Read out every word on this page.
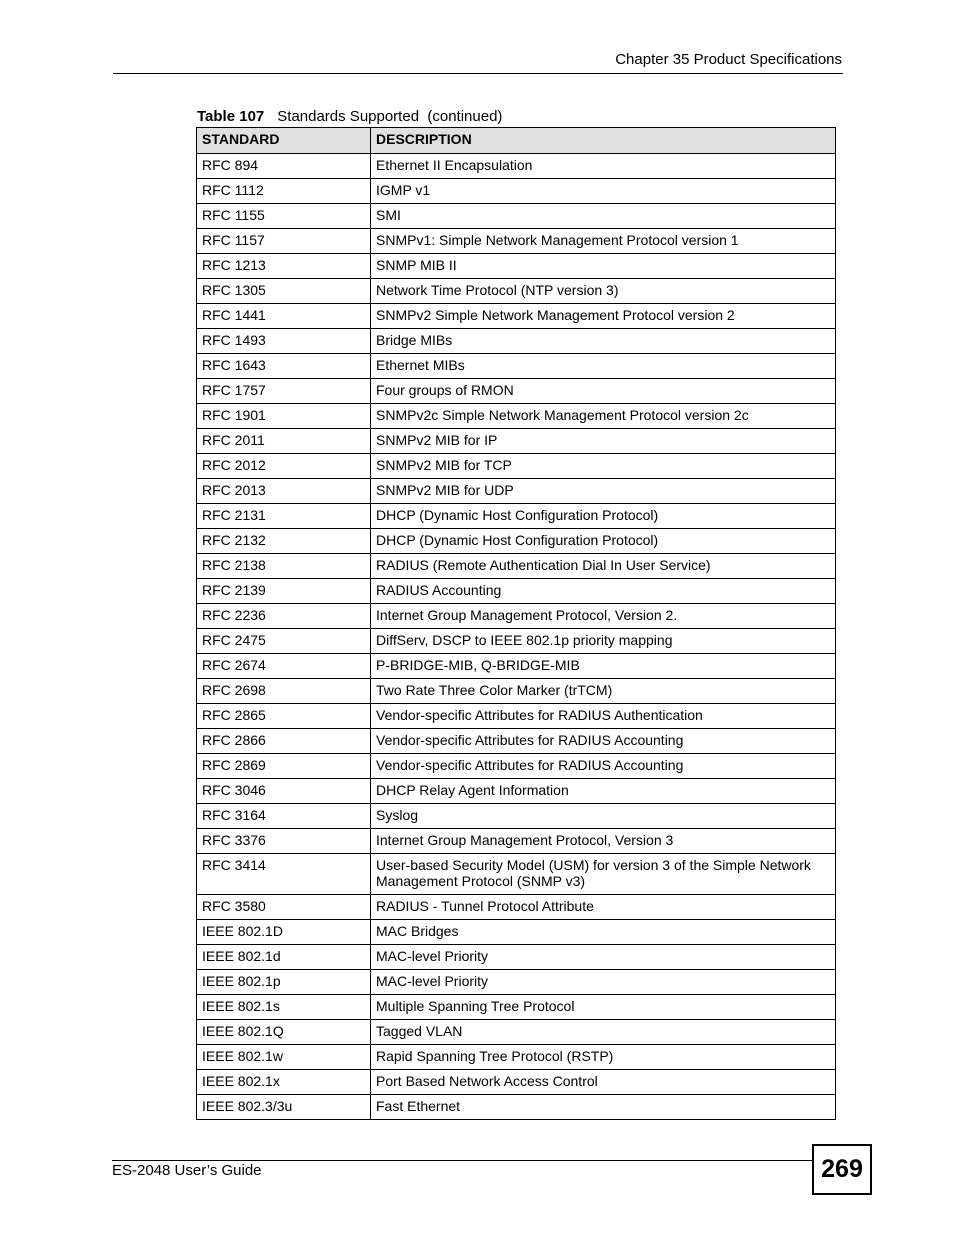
Chapter 35 Product Specifications
Table 107 Standards Supported  (continued)
STANDARD	DESCRIPTION
RFC 894	Ethernet II Encapsulation
RFC 1112	IGMP v1
RFC 1155	SMI
RFC 1157	SNMPv1: Simple Network Management Protocol version 1
RFC 1213	SNMP MIB II
RFC 1305	Network Time Protocol (NTP version 3)
RFC 1441	SNMPv2 Simple Network Management Protocol version 2
RFC 1493	Bridge MIBs
RFC 1643	Ethernet MIBs
RFC 1757	Four groups of RMON
RFC 1901	SNMPv2c Simple Network Management Protocol version 2c
RFC 2011	SNMPv2 MIB for IP
RFC 2012	SNMPv2 MIB for TCP
RFC 2013	SNMPv2 MIB for UDP
RFC 2131	DHCP (Dynamic Host Configuration Protocol)
RFC 2132	DHCP (Dynamic Host Configuration Protocol)
RFC 2138	RADIUS (Remote Authentication Dial In User Service)
RFC 2139	RADIUS Accounting
RFC 2236	Internet Group Management Protocol, Version 2.
RFC 2475	DiffServ, DSCP to IEEE 802.1p priority mapping
RFC 2674	P-BRIDGE-MIB, Q-BRIDGE-MIB
RFC 2698	Two Rate Three Color Marker (trTCM)
RFC 2865	Vendor-specific Attributes for RADIUS Authentication
RFC 2866	Vendor-specific Attributes for RADIUS Accounting
RFC 2869	Vendor-specific Attributes for RADIUS Accounting
RFC 3046	DHCP Relay Agent Information
RFC 3164	Syslog
RFC 3376	Internet Group Management Protocol, Version 3
RFC 3414	User-based Security Model (USM) for version 3 of the Simple Network Management Protocol (SNMP v3)
RFC 3580	RADIUS - Tunnel Protocol Attribute
IEEE 802.1D	MAC Bridges
IEEE 802.1d	MAC-level Priority
IEEE 802.1p	MAC-level Priority
IEEE 802.1s	Multiple Spanning Tree Protocol
IEEE 802.1Q	Tagged VLAN
IEEE 802.1w	Rapid Spanning Tree Protocol (RSTP)
IEEE 802.1x	Port Based Network Access Control
IEEE 802.3/3u	Fast Ethernet
ES-2048 User’s Guide	269
